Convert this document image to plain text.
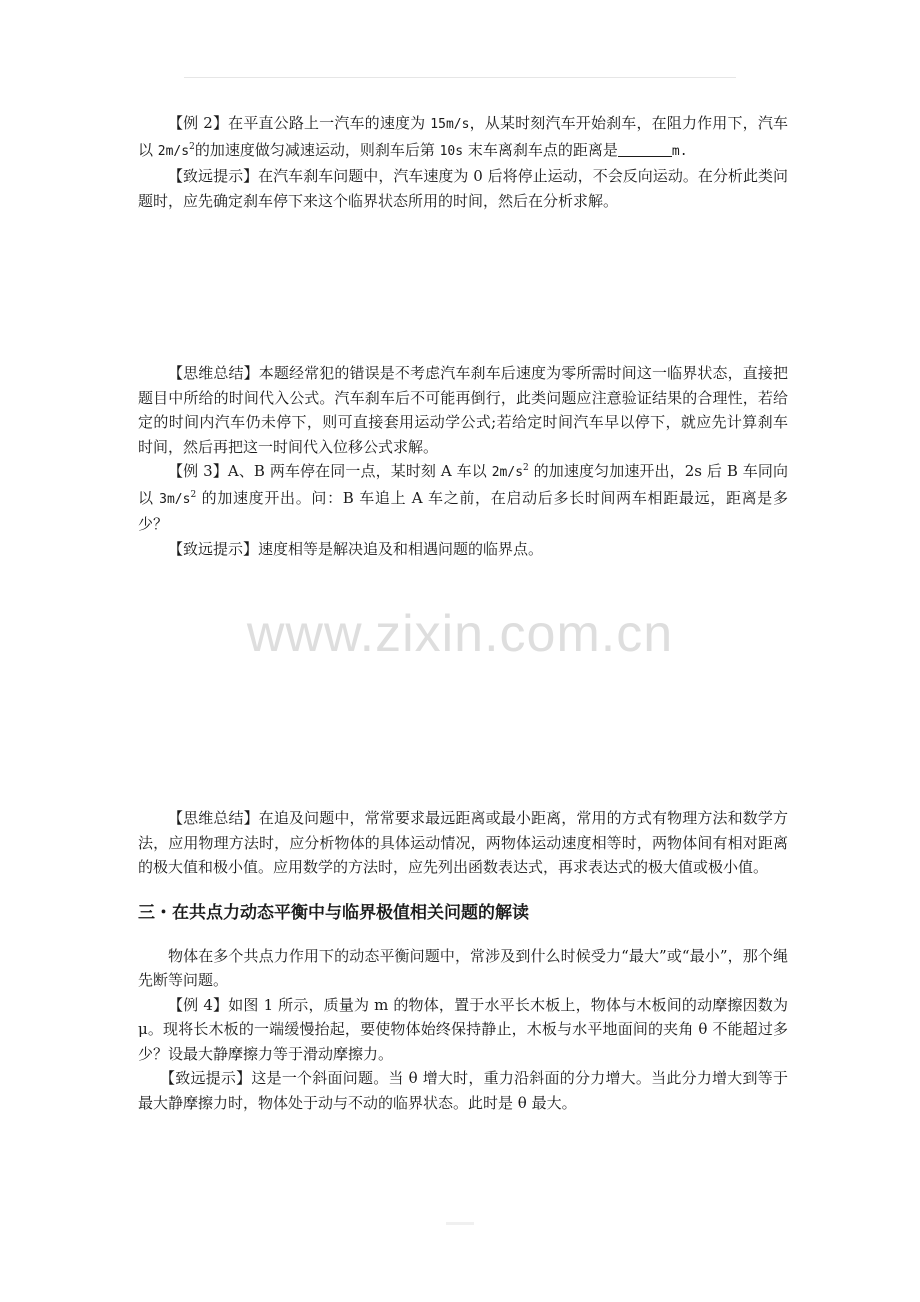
【例 2】在平直公路上一汽车的速度为 15m/s，从某时刻汽车开始刹车，在阻力作用下，汽车以 $2m/s^2$的加速度做匀减速运动，则刹车后第 10s 末车离刹车点的距离是	m.

【致远提示】在汽车刹车问题中，汽车速度为 0 后将停止运动，不会反向运动。在分析此类问题时，应先确定刹车停下来这个临界状态所用的时间，然后在分析求解。

【思维总结】本题经常犯的错误是不考虑汽车刹车后速度为零所需时间这一临界状态，直接把题目中所给的时间代入公式。汽车刹车后不可能再倒行，此类问题应注意验证结果的合理性，若给定的时间内汽车仍未停下，则可直接套用运动学公式;若给定时间汽车早以停下，就应先计算刹车时间，然后再把这一时间代入位移公式求解。

【例 3】A、B 两车停在同一点，某时刻 A 车以 $2m/s^2$ 的加速度匀加速开出，2s 后 B 车同向以 $3m/s^2$ 的加速度开出。问：B 车追上 A 车之前，在启动后多长时间两车相距最远，距离是多少？

【致远提示】速度相等是解决追及和相遇问题的临界点。

【思维总结】在追及问题中，常常要求最远距离或最小距离，常用的方式有物理方法和数学方法，应用物理方法时，应分析物体的具体运动情况，两物体运动速度相等时，两物体间有相对距离的极大值和极小值。应用数学的方法时，应先列出函数表达式，再求表达式的极大值或极小值。

三・在共点力动态平衡中与临界极值相关问题的解读

物体在多个共点力作用下的动态平衡问题中，常涉及到什么时候受力“最大”或“最小”，那个绳先断等问题。

【例 4】如图 1 所示，质量为 m 的物体，置于水平长木板上，物体与木板间的动摩擦因数为 μ。现将长木板的一端缓慢抬起，要使物体始终保持静止，木板与水平地面间的夹角 θ 不能超过多少？设最大静摩擦力等于滑动摩擦力。

【致远提示】这是一个斜面问题。当 θ 增大时，重力沿斜面的分力增大。当此分力增大到等于最大静摩擦力时，物体处于动与不动的临界状态。此时是 θ 最大。

www.zixin.com.cn
